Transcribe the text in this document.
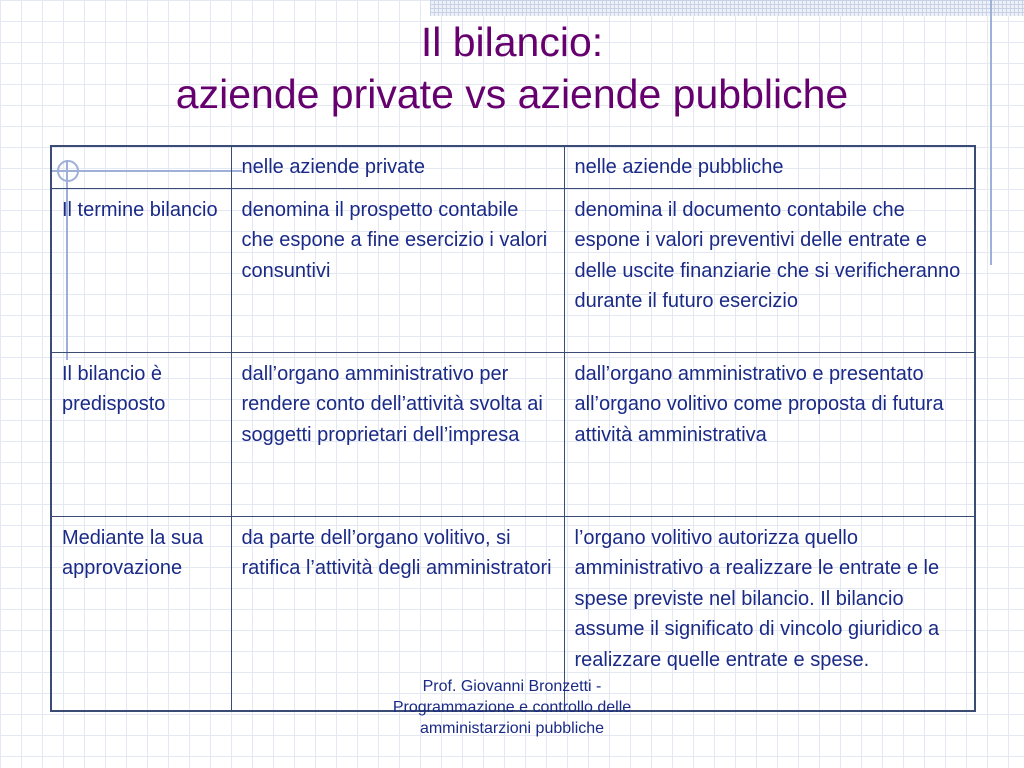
Il bilancio:
aziende private vs aziende pubbliche
	nelle aziende private	nelle aziende pubbliche
Il termine bilancio	denomina il prospetto contabile che espone a fine esercizio i valori consuntivi	denomina il documento contabile che espone i valori preventivi delle entrate e delle uscite finanziarie che si verificheranno durante il futuro esercizio
Il bilancio è predisposto	dall’organo amministrativo per rendere conto dell’attività svolta ai soggetti proprietari dell’impresa	dall’organo amministrativo e presentato all’organo volitivo come proposta di futura attività amministrativa
Mediante la sua approvazione	da parte dell’organo volitivo, si ratifica l’attività degli amministratori	l’organo volitivo autorizza quello amministrativo a realizzare le entrate e le spese previste nel bilancio. Il bilancio assume il significato di vincolo giuridico a realizzare quelle entrate e spese.
Prof. Giovanni Bronzetti -
Programmazione e controllo delle
amministarzioni pubbliche
